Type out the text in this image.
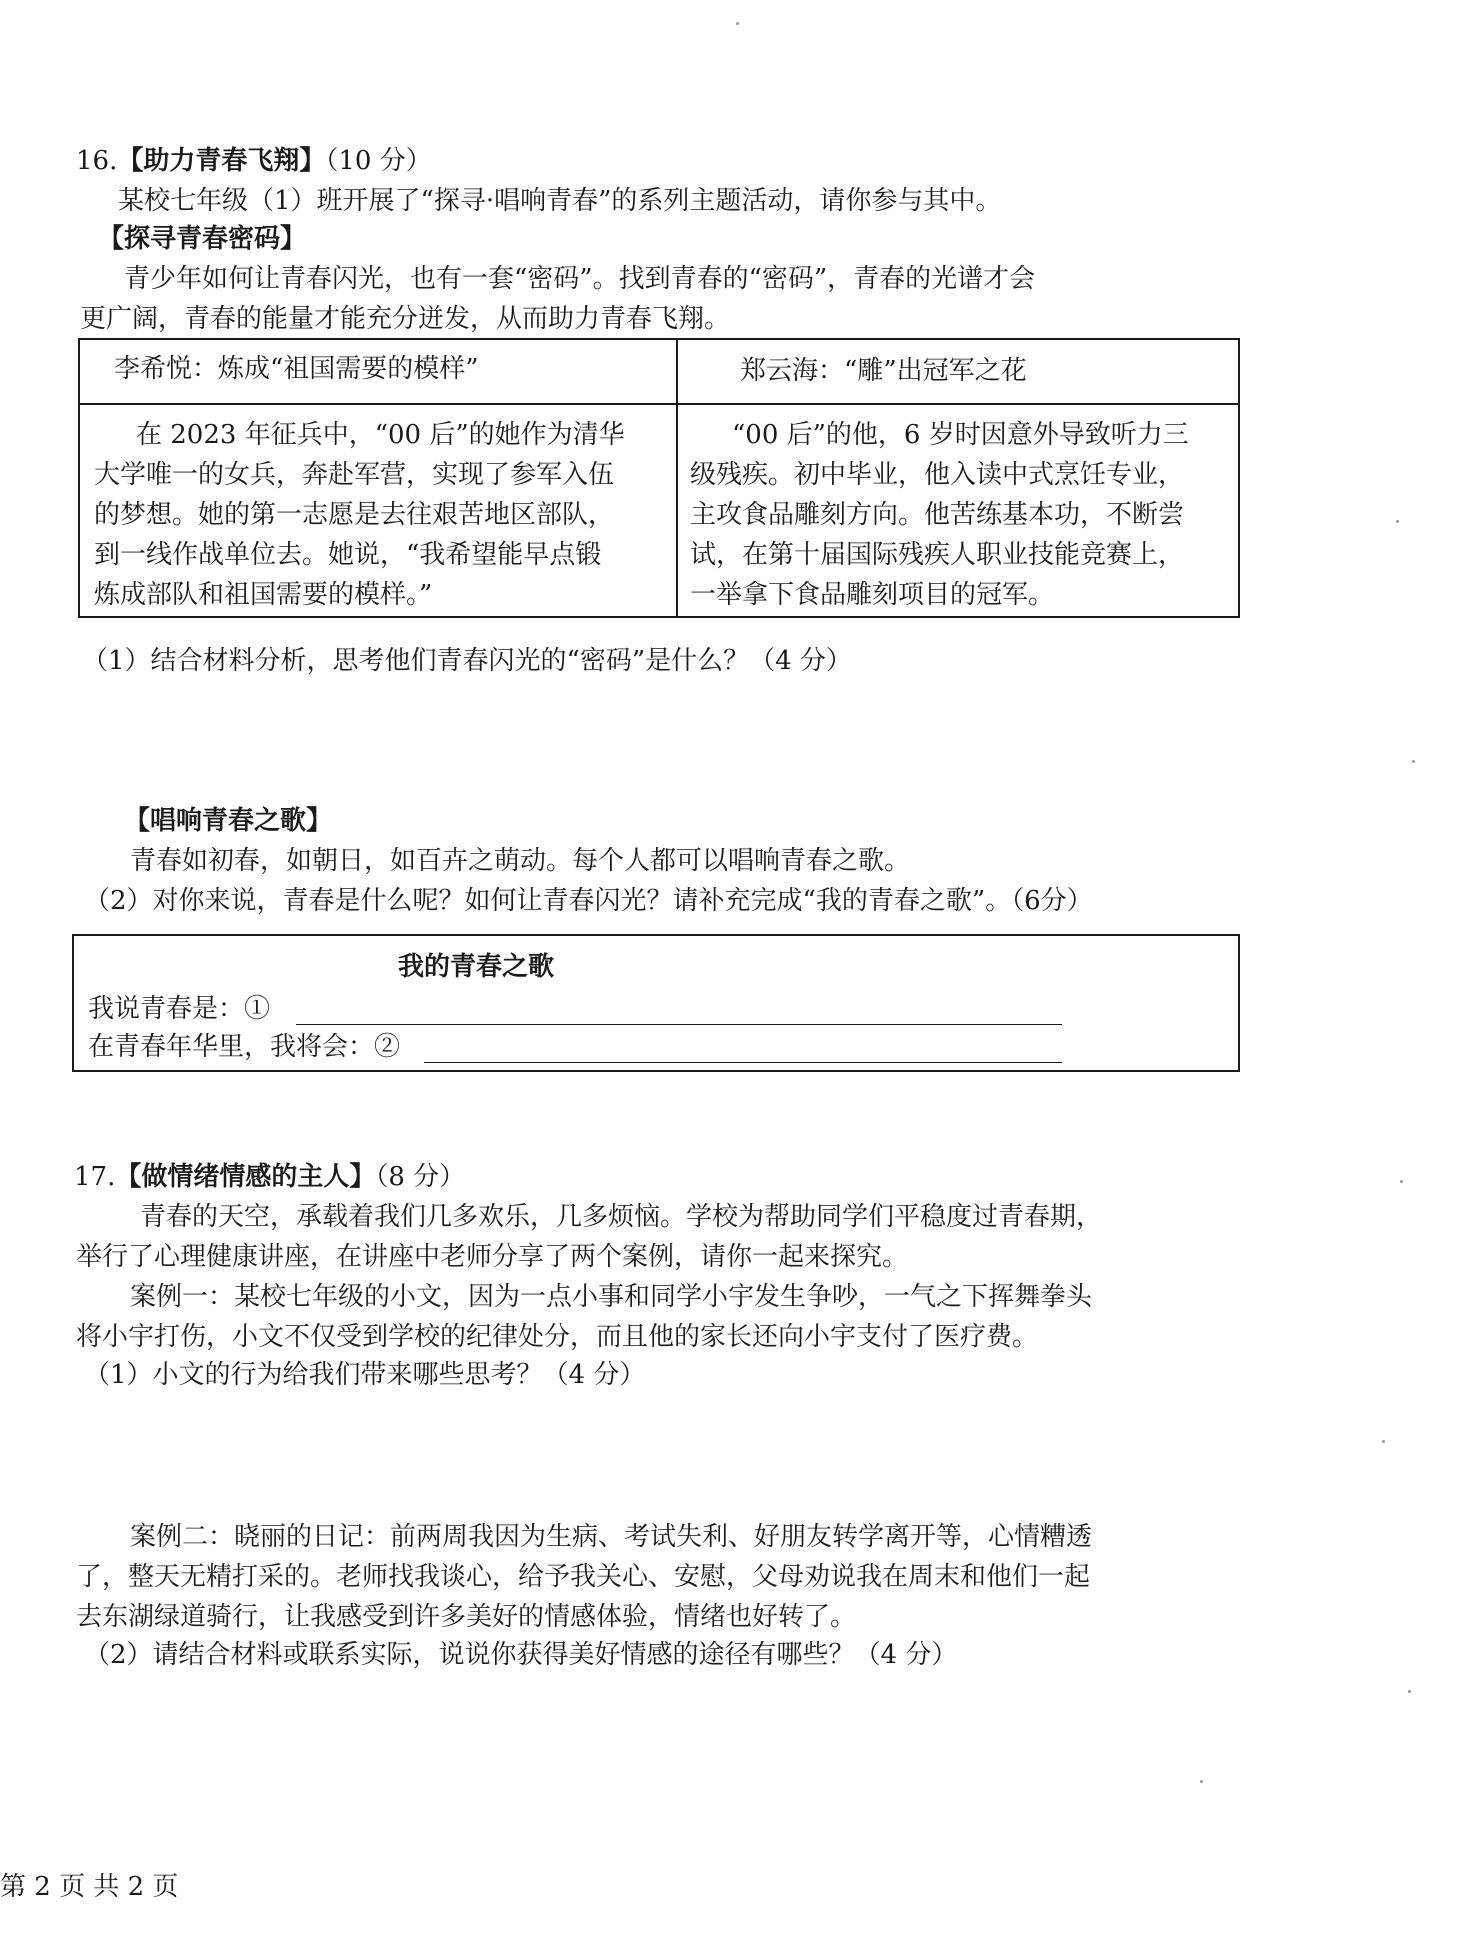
16.【助力青春飞翔】（10 分）
某校七年级（1）班开展了“探寻·唱响青春”的系列主题活动，请你参与其中。
【探寻青春密码】
青少年如何让青春闪光，也有一套“密码”。找到青春的“密码”，青春的光谱才会
更广阔，青春的能量才能充分迸发，从而助力青春飞翔。
李希悦：炼成“祖国需要的模样”	郑云海：“雕”出冠军之花
在 2023 年征兵中，“00 后”的她作为清华
大学唯一的女兵，奔赴军营，实现了参军入伍
的梦想。她的第一志愿是去往艰苦地区部队，
到一线作战单位去。她说，“我希望能早点锻
炼成部队和祖国需要的模样。”
“00 后”的他，6 岁时因意外导致听力三
级残疾。初中毕业，他入读中式烹饪专业，
主攻食品雕刻方向。他苦练基本功，不断尝
试，在第十届国际残疾人职业技能竞赛上，
一举拿下食品雕刻项目的冠军。
（1）结合材料分析，思考他们青春闪光的“密码”是什么？（4 分）
【唱响青春之歌】
青春如初春，如朝日，如百卉之萌动。每个人都可以唱响青春之歌。
（2）对你来说，青春是什么呢？如何让青春闪光？请补充完成“我的青春之歌”。（6分）
我的青春之歌
我说青春是：①
在青春年华里，我将会：②
17.【做情绪情感的主人】（8 分）
青春的天空，承载着我们几多欢乐，几多烦恼。学校为帮助同学们平稳度过青春期，
举行了心理健康讲座，在讲座中老师分享了两个案例，请你一起来探究。
案例一：某校七年级的小文，因为一点小事和同学小宇发生争吵，一气之下挥舞拳头
将小宇打伤，小文不仅受到学校的纪律处分，而且他的家长还向小宇支付了医疗费。
（1）小文的行为给我们带来哪些思考？（4 分）
案例二：晓丽的日记：前两周我因为生病、考试失利、好朋友转学离开等，心情糟透
了，整天无精打采的。老师找我谈心，给予我关心、安慰，父母劝说我在周末和他们一起
去东湖绿道骑行，让我感受到许多美好的情感体验，情绪也好转了。
（2）请结合材料或联系实际，说说你获得美好情感的途径有哪些？（4 分）
第 2 页 共 2 页
